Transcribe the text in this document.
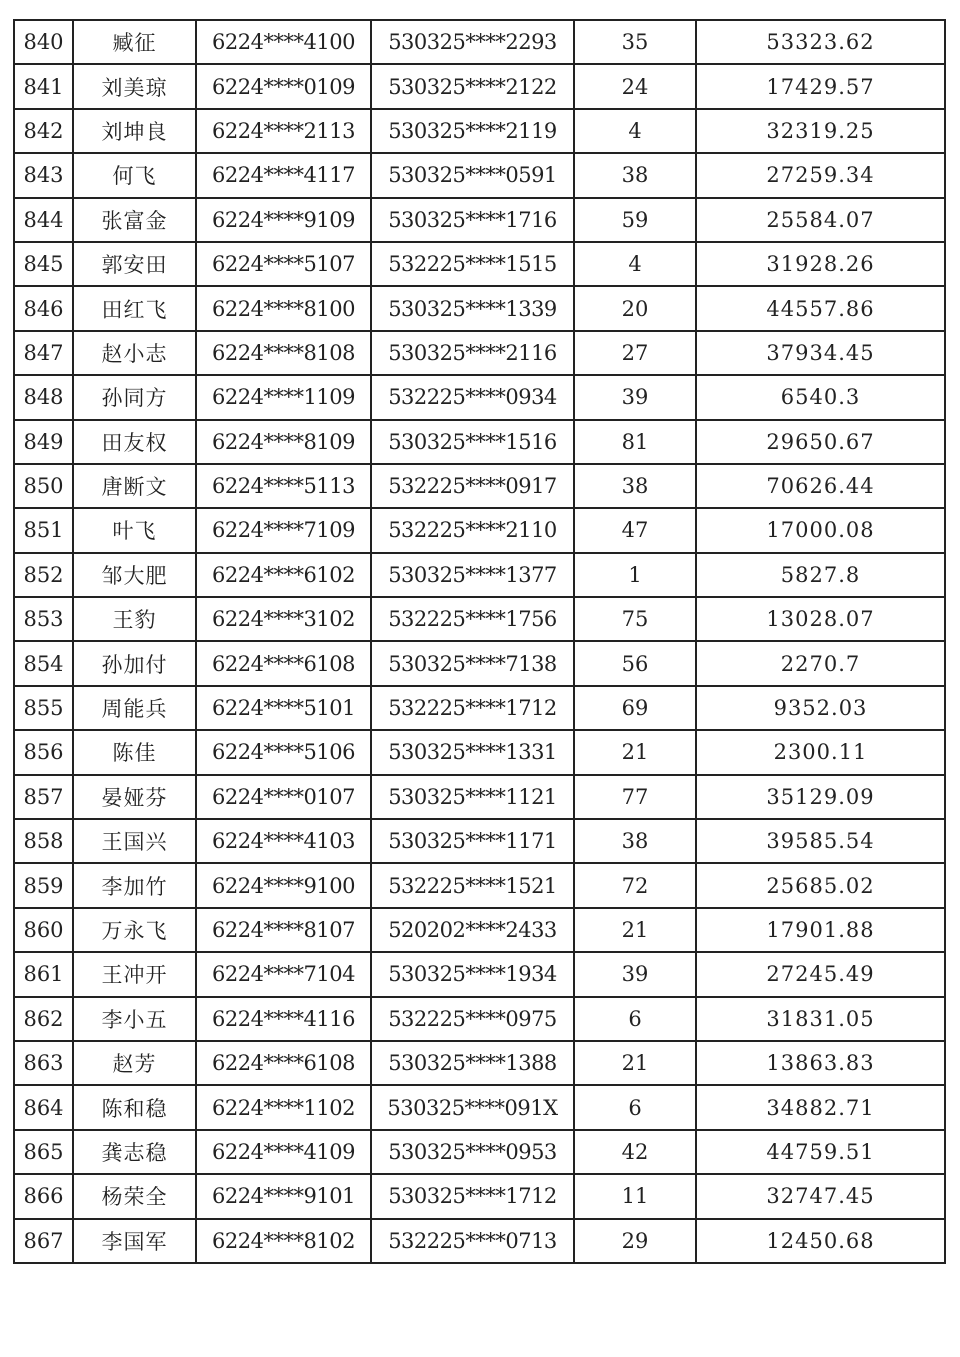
840	臧征	6224****4100	530325****2293	35	53323.62
841	刘美琼	6224****0109	530325****2122	24	17429.57
842	刘坤良	6224****2113	530325****2119	4	32319.25
843	何飞	6224****4117	530325****0591	38	27259.34
844	张富金	6224****9109	530325****1716	59	25584.07
845	郭安田	6224****5107	532225****1515	4	31928.26
846	田红飞	6224****8100	530325****1339	20	44557.86
847	赵小志	6224****8108	530325****2116	27	37934.45
848	孙同方	6224****1109	532225****0934	39	6540.3
849	田友权	6224****8109	530325****1516	81	29650.67
850	唐断文	6224****5113	532225****0917	38	70626.44
851	叶飞	6224****7109	532225****2110	47	17000.08
852	邹大肥	6224****6102	530325****1377	1	5827.8
853	王豹	6224****3102	532225****1756	75	13028.07
854	孙加付	6224****6108	530325****7138	56	2270.7
855	周能兵	6224****5101	532225****1712	69	9352.03
856	陈佳	6224****5106	530325****1331	21	2300.11
857	晏娅芬	6224****0107	530325****1121	77	35129.09
858	王国兴	6224****4103	530325****1171	38	39585.54
859	李加竹	6224****9100	532225****1521	72	25685.02
860	万永飞	6224****8107	520202****2433	21	17901.88
861	王冲开	6224****7104	530325****1934	39	27245.49
862	李小五	6224****4116	532225****0975	6	31831.05
863	赵芳	6224****6108	530325****1388	21	13863.83
864	陈和稳	6224****1102	530325****091X	6	34882.71
865	龚志稳	6224****4109	530325****0953	42	44759.51
866	杨荣全	6224****9101	530325****1712	11	32747.45
867	李国军	6224****8102	532225****0713	29	12450.68
